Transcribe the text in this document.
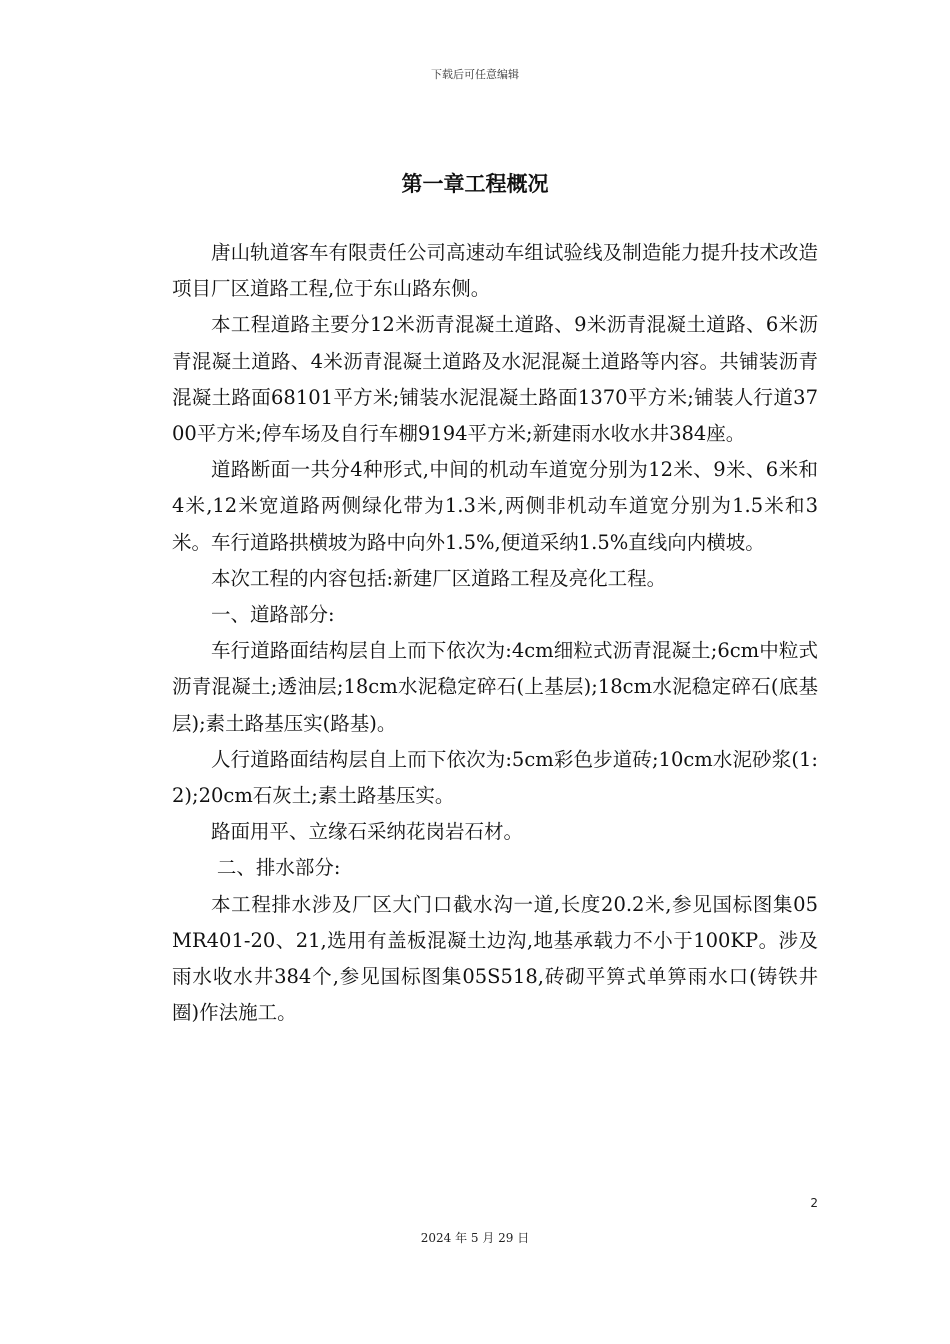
下载后可任意编辑
第一章工程概况

唐山轨道客车有限责任公司高速动车组试验线及制造能力提升技术改造项目厂区道路工程,位于东山路东侧。

本工程道路主要分12米沥青混凝土道路、9米沥青混凝土道路、6米沥青混凝土道路、4米沥青混凝土道路及水泥混凝土道路等内容。共铺装沥青混凝土路面68101平方米;铺装水泥混凝土路面1370平方米;铺装人行道3700平方米;停车场及自行车棚9194平方米;新建雨水收水井384座。

道路断面一共分4种形式,中间的机动车道宽分别为12米、9米、6米和4米,12米宽道路两侧绿化带为1.3米,两侧非机动车道宽分别为1.5米和3米。车行道路拱横坡为路中向外1.5%,便道采纳1.5%直线向内横坡。

本次工程的内容包括:新建厂区道路工程及亮化工程。

一、道路部分:

车行道路面结构层自上而下依次为:4cm细粒式沥青混凝土;6cm中粒式沥青混凝土;透油层;18cm水泥稳定碎石(上基层);18cm水泥稳定碎石(底基层);素土路基压实(路基)。

人行道路面结构层自上而下依次为:5cm彩色步道砖;10cm水泥砂浆(1:2);20cm石灰土;素土路基压实。

路面用平、立缘石采纳花岗岩石材。

二、排水部分:

本工程排水涉及厂区大门口截水沟一道,长度20.2米,参见国标图集05MR401-20、21,选用有盖板混凝土边沟,地基承载力不小于100KP。涉及雨水收水井384个,参见国标图集05S518,砖砌平箅式单箅雨水口(铸铁井圈)作法施工。

2
2024 年 5 月 29 日
